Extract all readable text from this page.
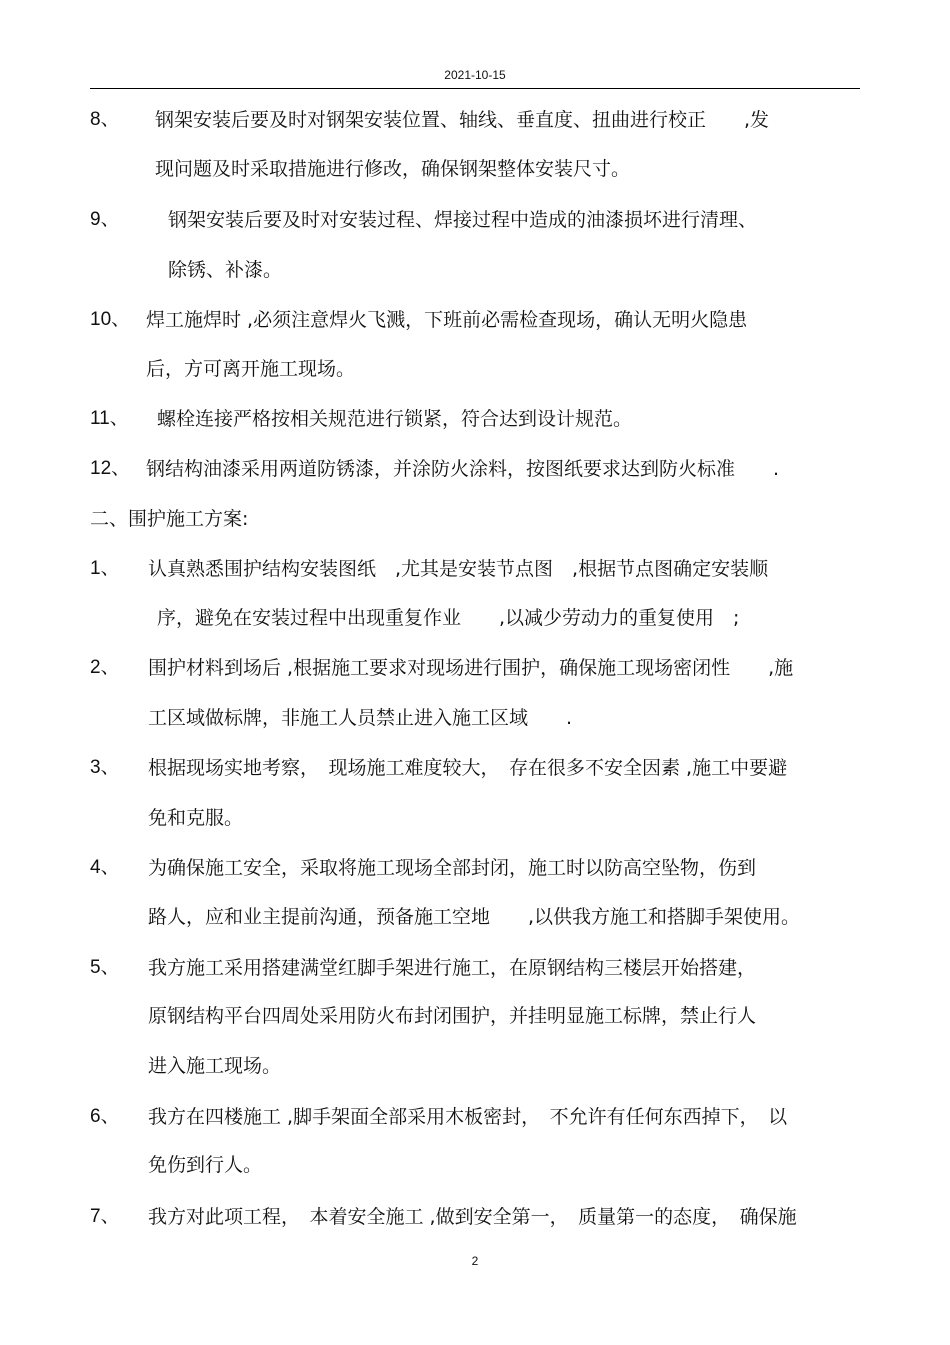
2021-10-15
8、 钢架安装后要及时对钢架安装位置、轴线、垂直度、扭曲进行校正　　,发
现问题及时采取措施进行修改，确保钢架整体安装尺寸。
9、	钢架安装后要及时对安装过程、焊接过程中造成的油漆损坏进行清理、
除锈、补漆。
10、 焊工施焊时 ,必须注意焊火飞溅，下班前必需检查现场，确认无明火隐患
后，方可离开施工现场。
11、 螺栓连接严格按相关规范进行锁紧，符合达到设计规范。
12、 钢结构油漆采用两道防锈漆，并涂防火涂料，按图纸要求达到防火标准　　.
二、围护施工方案:
1、 认真熟悉围护结构安装图纸　,尤其是安装节点图　,根据节点图确定安装顺
序，避免在安装过程中出现重复作业　　,以减少劳动力的重复使用　;
2、 围护材料到场后 ,根据施工要求对现场进行围护，确保施工现场密闭性　　,施
工区域做标牌，非施工人员禁止进入施工区域　　.
3、 根据现场实地考察，　现场施工难度较大，　存在很多不安全因素 ,施工中要避
免和克服。
4、 为确保施工安全，采取将施工现场全部封闭，施工时以防高空坠物，伤到
路人，应和业主提前沟通，预备施工空地　　,以供我方施工和搭脚手架使用。
5、 我方施工采用搭建满堂红脚手架进行施工，在原钢结构三楼层开始搭建，
原钢结构平台四周处采用防火布封闭围护，并挂明显施工标牌，禁止行人
进入施工现场。
6、 我方在四楼施工 ,脚手架面全部采用木板密封，　不允许有任何东西掉下，　以
免伤到行人。
7、 我方对此项工程，　本着安全施工 ,做到安全第一，　质量第一的态度，　确保施
2
